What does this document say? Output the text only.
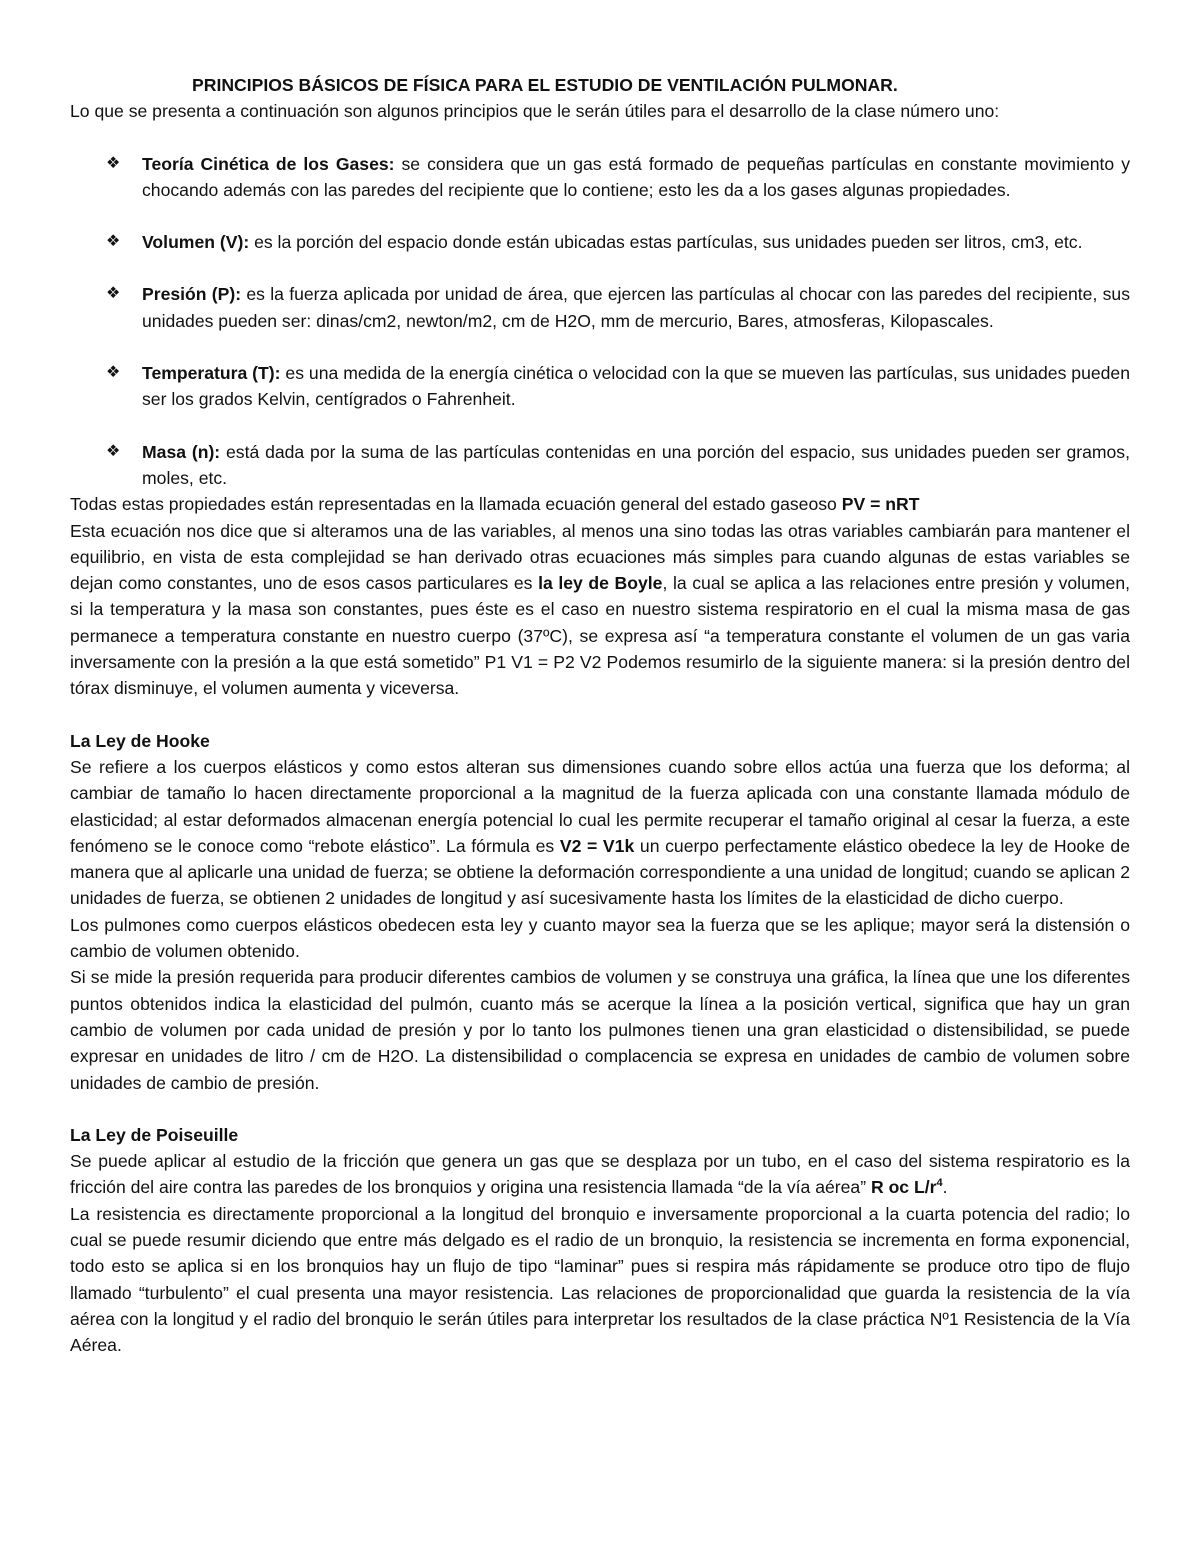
PRINCIPIOS BÁSICOS DE FÍSICA PARA EL ESTUDIO DE VENTILACIÓN PULMONAR.

Lo que se presenta a continuación son algunos principios que le serán útiles para el desarrollo de la clase número uno:

❖ Teoría Cinética de los Gases: se considera que un gas está formado de pequeñas partículas en constante movimiento y chocando además con las paredes del recipiente que lo contiene; esto les da a los gases algunas propiedades.
❖ Volumen (V): es la porción del espacio donde están ubicadas estas partículas, sus unidades pueden ser litros, cm3, etc.
❖ Presión (P): es la fuerza aplicada por unidad de área, que ejercen las partículas al chocar con las paredes del recipiente, sus unidades pueden ser: dinas/cm2, newton/m2, cm de H2O, mm de mercurio, Bares, atmosferas, Kilopascales.
❖ Temperatura (T): es una medida de la energía cinética o velocidad con la que se mueven las partículas, sus unidades pueden ser los grados Kelvin, centígrados o Fahrenheit.
❖ Masa (n): está dada por la suma de las partículas contenidas en una porción del espacio, sus unidades pueden ser gramos, moles, etc.

Todas estas propiedades están representadas en la llamada ecuación general del estado gaseoso PV = nRT

Esta ecuación nos dice que si alteramos una de las variables, al menos una sino todas las otras variables cambiarán para mantener el equilibrio, en vista de esta complejidad se han derivado otras ecuaciones más simples para cuando algunas de estas variables se dejan como constantes, uno de esos casos particulares es la ley de Boyle, la cual se aplica a las relaciones entre presión y volumen, si la temperatura y la masa son constantes, pues éste es el caso en nuestro sistema respiratorio en el cual la misma masa de gas permanece a temperatura constante en nuestro cuerpo (37ºC), se expresa así “a temperatura constante el volumen de un gas varia inversamente con la presión a la que está sometido” P1 V1 = P2 V2 Podemos resumirlo de la siguiente manera: si la presión dentro del tórax disminuye, el volumen aumenta y viceversa.

La Ley de Hooke

Se refiere a los cuerpos elásticos y como estos alteran sus dimensiones cuando sobre ellos actúa una fuerza que los deforma; al cambiar de tamaño lo hacen directamente proporcional a la magnitud de la fuerza aplicada con una constante llamada módulo de elasticidad; al estar deformados almacenan energía potencial lo cual les permite recuperar el tamaño original al cesar la fuerza, a este fenómeno se le conoce como “rebote elástico”. La fórmula es V2 = V1k un cuerpo perfectamente elástico obedece la ley de Hooke de manera que al aplicarle una unidad de fuerza; se obtiene la deformación correspondiente a una unidad de longitud; cuando se aplican 2 unidades de fuerza, se obtienen 2 unidades de longitud y así sucesivamente hasta los límites de la elasticidad de dicho cuerpo.

Los pulmones como cuerpos elásticos obedecen esta ley y cuanto mayor sea la fuerza que se les aplique; mayor será la distensión o cambio de volumen obtenido.

Si se mide la presión requerida para producir diferentes cambios de volumen y se construya una gráfica, la línea que une los diferentes puntos obtenidos indica la elasticidad del pulmón, cuanto más se acerque la línea a la posición vertical, significa que hay un gran cambio de volumen por cada unidad de presión y por lo tanto los pulmones tienen una gran elasticidad o distensibilidad, se puede expresar en unidades de litro / cm de H2O. La distensibilidad o complacencia se expresa en unidades de cambio de volumen sobre unidades de cambio de presión.

La Ley de Poiseuille

Se puede aplicar al estudio de la fricción que genera un gas que se desplaza por un tubo, en el caso del sistema respiratorio es la fricción del aire contra las paredes de los bronquios y origina una resistencia llamada “de la vía aérea” R oc $L/r^4$.

La resistencia es directamente proporcional a la longitud del bronquio e inversamente proporcional a la cuarta potencia del radio; lo cual se puede resumir diciendo que entre más delgado es el radio de un bronquio, la resistencia se incrementa en forma exponencial, todo esto se aplica si en los bronquios hay un flujo de tipo “laminar” pues si respira más rápidamente se produce otro tipo de flujo llamado “turbulento” el cual presenta una mayor resistencia. Las relaciones de proporcionalidad que guarda la resistencia de la vía aérea con la longitud y el radio del bronquio le serán útiles para interpretar los resultados de la clase práctica Nº1 Resistencia de la Vía Aérea.
